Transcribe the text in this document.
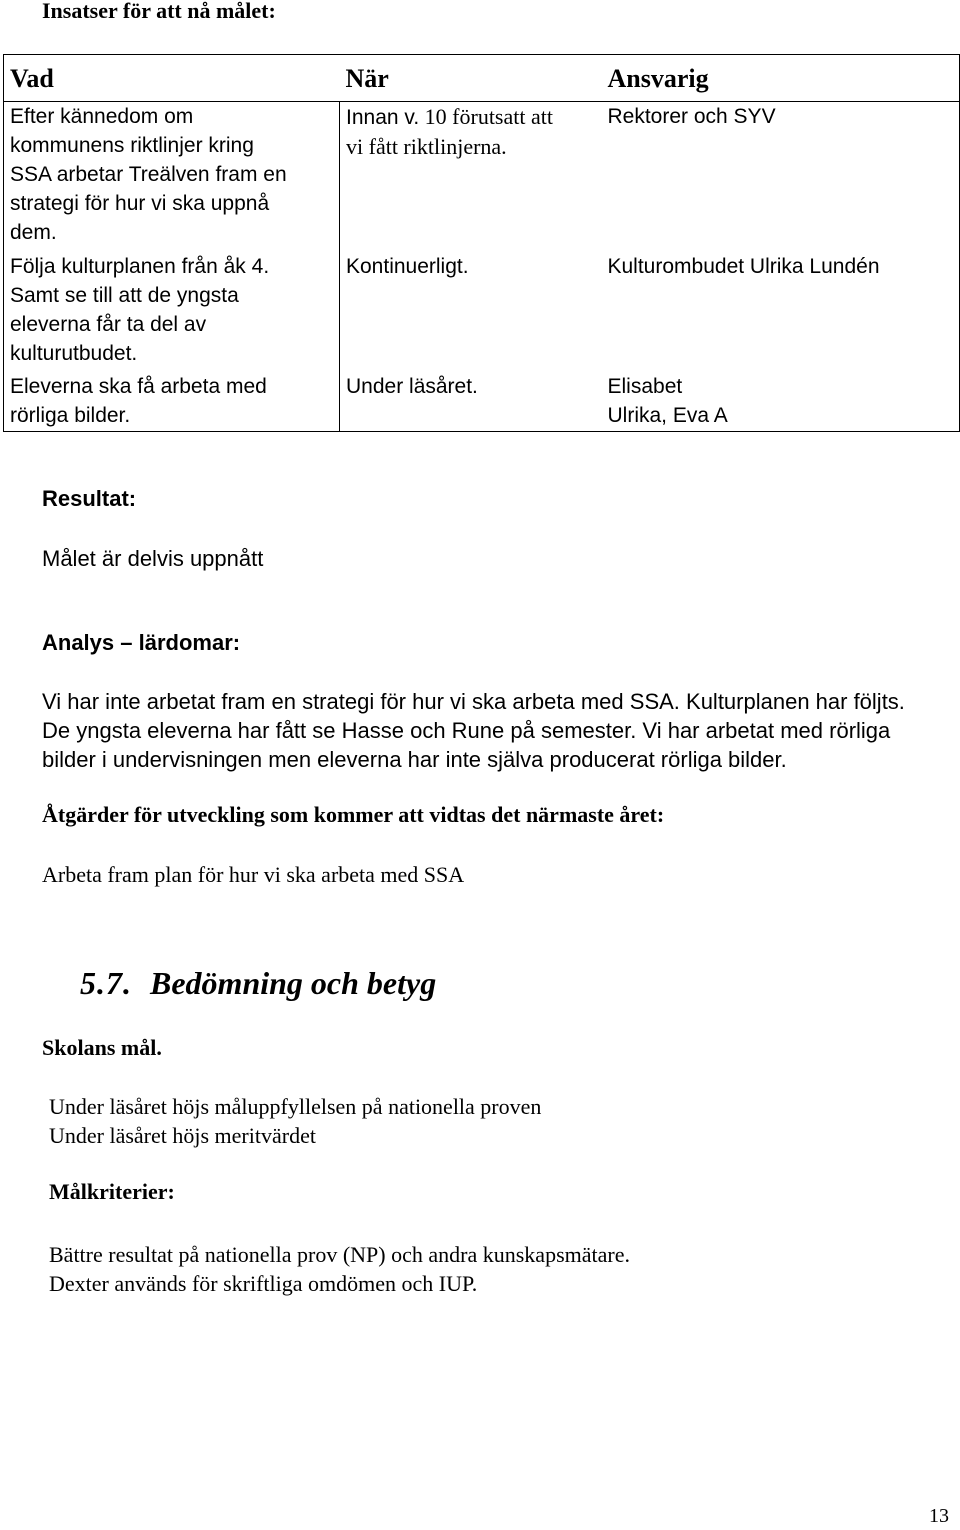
Insatser för att nå målet:
Vad	När	Ansvarig
Efter kännedom om
kommunens riktlinjer kring
SSA arbetar Treälven fram en
strategi för hur vi ska uppnå
dem.	Innan v. 10 förutsatt att
vi fått riktlinjerna.	Rektorer och SYV
Följa kulturplanen från åk 4.
Samt se till att de yngsta
eleverna får ta del av
kulturutbudet.	Kontinuerligt.	Kulturombudet Ulrika Lundén
Eleverna ska få arbeta med
rörliga bilder.	Under läsåret.	Elisabet
Ulrika, Eva A
Resultat:
Målet är delvis uppnått
Analys – lärdomar:
Vi har inte arbetat fram en strategi för hur vi ska arbeta med SSA. Kulturplanen har följts.
De yngsta eleverna har fått se Hasse och Rune på semester. Vi har arbetat med rörliga
bilder i undervisningen men eleverna har inte själva producerat rörliga bilder.
Åtgärder för utveckling som kommer att vidtas det närmaste året:
Arbeta fram plan för hur vi ska arbeta med SSA
5.7. Bedömning och betyg
Skolans mål.
Under läsåret höjs måluppfyllelsen på nationella proven
Under läsåret höjs meritvärdet
Målkriterier:
Bättre resultat på nationella prov (NP) och andra kunskapsmätare.
Dexter används för skriftliga omdömen och IUP.
13
